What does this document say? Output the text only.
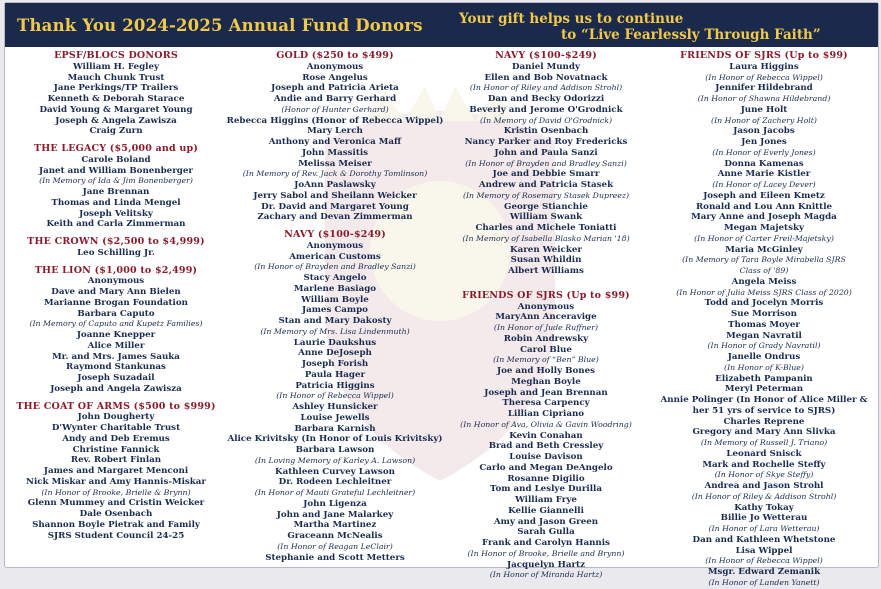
Thank You 2024-2025 Annual Fund Donors	Your gift helps us to continue
to “Live Fearlessly Through Faith”
EPSF/BLOCS DONORS
William H. Fegley
Mauch Chunk Trust
Jane Perkings/TP Trailers
Kenneth & Deborah Starace
David Young & Margaret Young
Joseph & Angela Zawisza
Craig Zurn
THE LEGACY ($5,000 and up)
Carole Boland
Janet and William Bonenberger
(In Memory of Ida & Jim Bonenberger)
Jane Brennan
Thomas and Linda Mengel
Joseph Velitsky
Keith and Carla Zimmerman
THE CROWN ($2,500 to $4,999)
Leo Schilling Jr.
THE LION ($1,000 to $2,499)
Anonymous
Dave and Mary Ann Bielen
Marianne Brogan Foundation
Barbara Caputo
(In Memory of Caputo and Kupetz Families)
Joanne Knepper
Alice Miller
Mr. and Mrs. James Sauka
Raymond Stankunas
Joseph Suzadail
Joseph and Angela Zawisza
THE COAT OF ARMS ($500 to $999)
John Dougherty
D'Wynter Charitable Trust
Andy and Deb Eremus
Christine Fannick
Rev. Robert Finlan
James and Margaret Menconi
Nick Miskar and Amy Hannis-Miskar
(In Honor of Brooke, Brielle & Brynn)
Glenn Mummey and Cristin Weicker
Dale Osenbach
Shannon Boyle Pietrak and Family
SJRS Student Council 24-25
GOLD ($250 to $499)
Anonymous
Rose Angelus
Joseph and Patricia Arieta
Andie and Barry Gerhard
(Honor of Hunter Gerhard)
Rebecca Higgins (Honor of Rebecca Wippel)
Mary Lerch
Anthony and Veronica Maff
John Massitis
Melissa Meiser
(In Memory of Rev. Jack & Dorothy Tomlinson)
JoAnn Paslawsky
Jerry Sabol and Sheilann Weicker
Dr. David and Margaret Young
Zachary and Devan Zimmerman
NAVY ($100-$249)
Anonymous
American Customs
(In Honor of Brayden and Bradley Sanzi)
Stacy Angelo
Marlene Basiago
William Boyle
James Campo
Stan and Mary Dakosty
(In Memory of Mrs. Lisa Lindenmuth)
Laurie Daukshus
Anne DeJoseph
Joseph Forish
Paula Hager
Patricia Higgins
(In Honor of Rebecca Wippel)
Ashley Hunsicker
Louise Jewells
Barbara Karnish
Alice Krivitsky (In Honor of Louis Krivitsky)
Barbara Lawson
(In Loving Memory of Karley A. Lawson)
Kathleen Curvey Lawson
Dr. Rodeen Lechleitner
(In Honor of Mauti Grateful Lechleitner)
John Ligenza
John and Jane Malarkey
Martha Martinez
Graceann McNealis
(In Honor of Reagan LeClair)
Stephanie and Scott Metters
NAVY ($100-$249)
Daniel Mundy
Ellen and Bob Novatnack
(In Honor of Riley and Addison Strohl)
Dan and Becky Odorizzi
Beverly and Jerome O'Grodnick
(In Memory of David O'Grodnick)
Kristin Osenbach
Nancy Parker and Roy Fredericks
John and Paula Sanzi
(In Honor of Brayden and Bradley Sanzi)
Joe and Debbie Smarr
Andrew and Patricia Stasek
(In Memory of Rosemary Stasek Dupreez)
George Stianchie
William Swank
Charles and Michele Toniatti
(In Memory of Isabella Blasko Marian '18)
Karen Weicker
Susan Whildin
Albert Williams
FRIENDS OF SJRS (Up to $99)
Anonymous
MaryAnn Anceravige
(In Honor of Jude Ruffner)
Robin Andrewsky
Carol Blue
(In Memory of “Ben” Blue)
Joe and Holly Bones
Meghan Boyle
Joseph and Jean Brennan
Theresa Carpency
Lillian Cipriano
(In Honor of Ava, Olivia & Gavin Woodring)
Kevin Conahan
Brad and Beth Cressley
Louise Davison
Carlo and Megan DeAngelo
Rosanne Digilio
Tom and Leslye Durilla
William Frye
Kellie Giannelli
Amy and Jason Green
Sarah Gulla
Frank and Carolyn Hannis
(In Honor of Brooke, Brielle and Brynn)
Jacquelyn Hartz
(In Honor of Miranda Hartz)
FRIENDS OF SJRS (Up to $99)
Laura Higgins
(In Honor of Rebecca Wippel)
Jennifer Hildebrand
(In Honor of Shawna Hildebrand)
June Holt
(In Honor of Zachery Holt)
Jason Jacobs
Jen Jones
(In Honor of Everly Jones)
Donna Kamenas
Anne Marie Kistler
(In Honor of Lacey Dever)
Joseph and Eileen Kmetz
Ronald and Lou Ann Knittle
Mary Anne and Joseph Magda
Megan Majetsky
(In Honor of Carter Freil-Majetsky)
Maria McGinley
(In Memory of Tara Boyle Mirabella SJRS
Class of '89)
Angela Meiss
(In Honor of Julia Meiss SJRS Class of 2020)
Todd and Jocelyn Morris
Sue Morrison
Thomas Moyer
Megan Navratil
(In Honor of Grady Navratil)
Janelle Ondrus
(In Honor of K-Blue)
Elizabeth Pampanin
Meryl Peterman
Annie Polinger (In Honor of Alice Miller &
her 51 yrs of service to SJRS)
Charles Reprene
Gregory and Mary Ann Slivka
(In Memory of Russell J. Triano)
Leonard Snisck
Mark and Rochelle Steffy
(In Honor of Skye Steffy)
Andrea and Jason Strohl
(In Honor of Riley & Addison Strohl)
Kathy Tokay
Billie Jo Wetterau
(In Honor of Lara Wetterau)
Dan and Kathleen Whetstone
Lisa Wippel
(In Honor of Rebecca Wippel)
Msgr. Edward Zemanik
(In Honor of Landen Yanett)
